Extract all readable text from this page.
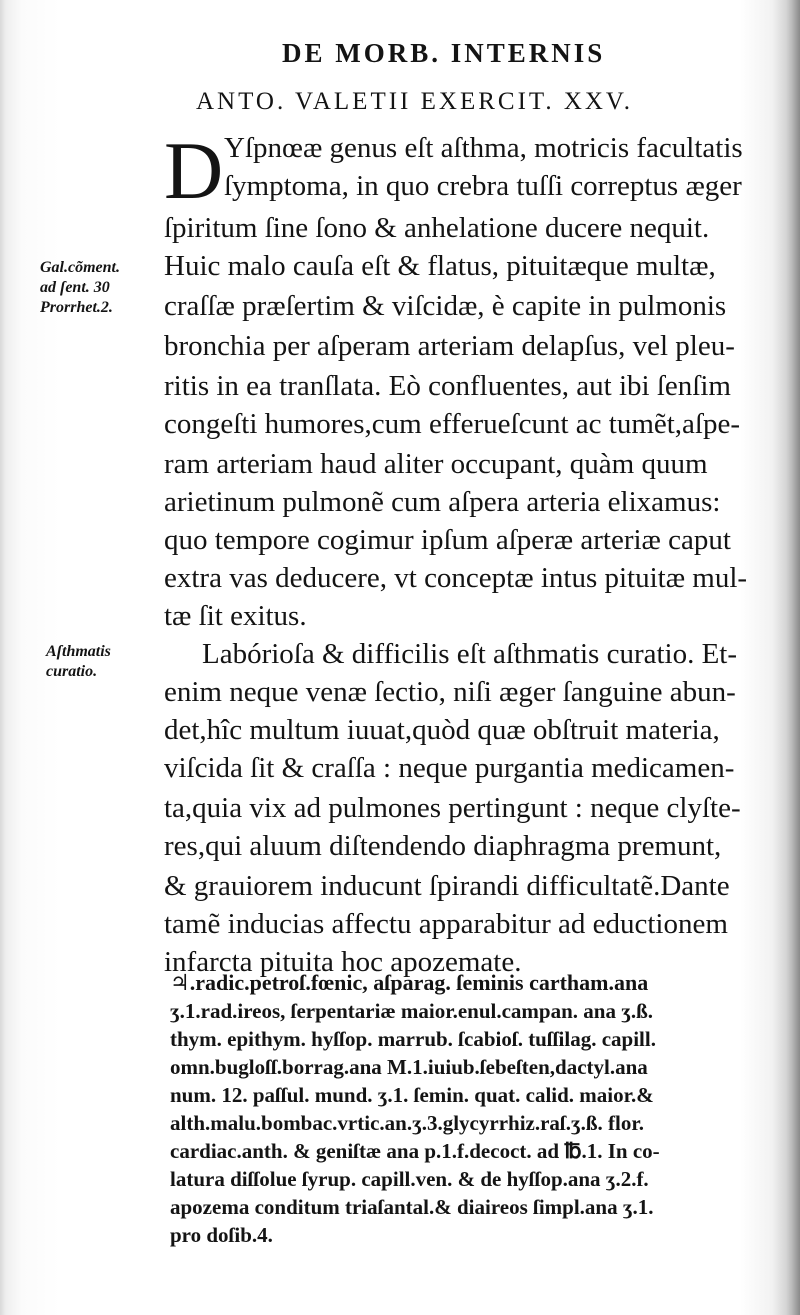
DE MORB. INTERNIS
ANTO. VALETII EXERCIT. XXV.
D Yſpnœæ genus eſt aſthma, motricis facultatis
ſymptoma, in quo crebra tuſſi correptus æger
ſpiritum ſine ſono & anhelatione ducere nequit.
Huic malo cauſa eſt & flatus, pituitæque multæ,
craſſæ præſertim & viſcidæ, è capite in pulmonis
bronchia per aſperam arteriam delapſus, vel pleu-
ritis in ea tranſlata. Eò confluentes, aut ibi ſenſim
congeſti humores,cum efferueſcunt ac tumẽt,aſpe-
ram arteriam haud aliter occupant, quàm quum
arietinum pulmonẽ cum aſpera arteria elixamus:
quo tempore cogimur ipſum aſperæ arteriæ caput
extra vas deducere, vt conceptæ intus pituitæ mul-
tæ ſit exitus.
Labórioſa & difficilis eſt aſthmatis curatio. Et-
enim neque venæ ſectio, niſi æger ſanguine abun-
det,hîc multum iuuat,quòd quæ obſtruit materia,
viſcida ſit & craſſa : neque purgantia medicamen-
ta,quia vix ad pulmones pertingunt : neque clyſte-
res,qui aluum diſtendendo diaphragma premunt,
& grauiorem inducunt ſpirandi difficultatẽ.Dante
tamẽ inducias affectu apparabitur ad eductionem
infarcta pituita hoc apozemate.
Gal.cõment.
ad ſent. 30
Prorrhet.2.
Aſthmatis
curatio.
♃.radic.petroſ.fœnic, aſparag. ſeminis cartham.ana
ʒ.1.rad.ireos, ſerpentariæ maior.enul.campan. ana ʒ.ß.
thym. epithym. hyſſop. marrub. ſcabioſ. tuſſilag. capill.
omn.bugloſſ.borrag.ana M.1.iuiub.ſebeſten,dactyl.ana
num. 12. paſſul. mund. ʒ.1. ſemin. quat. calid. maior.&
alth.malu.bombac.vrtic.an.ʒ.3.glycyrrhiz.raſ.ʒ.ß. flor.
cardiac.anth. & geniſtæ ana p.1.f.decoct. ad ℔.1. In co-
latura diſſolue ſyrup. capill.ven. & de hyſſop.ana ʒ.2.f.
apozema conditum triaſantal.& diaireos ſimpl.ana ʒ.1.
pro doſib.4.
